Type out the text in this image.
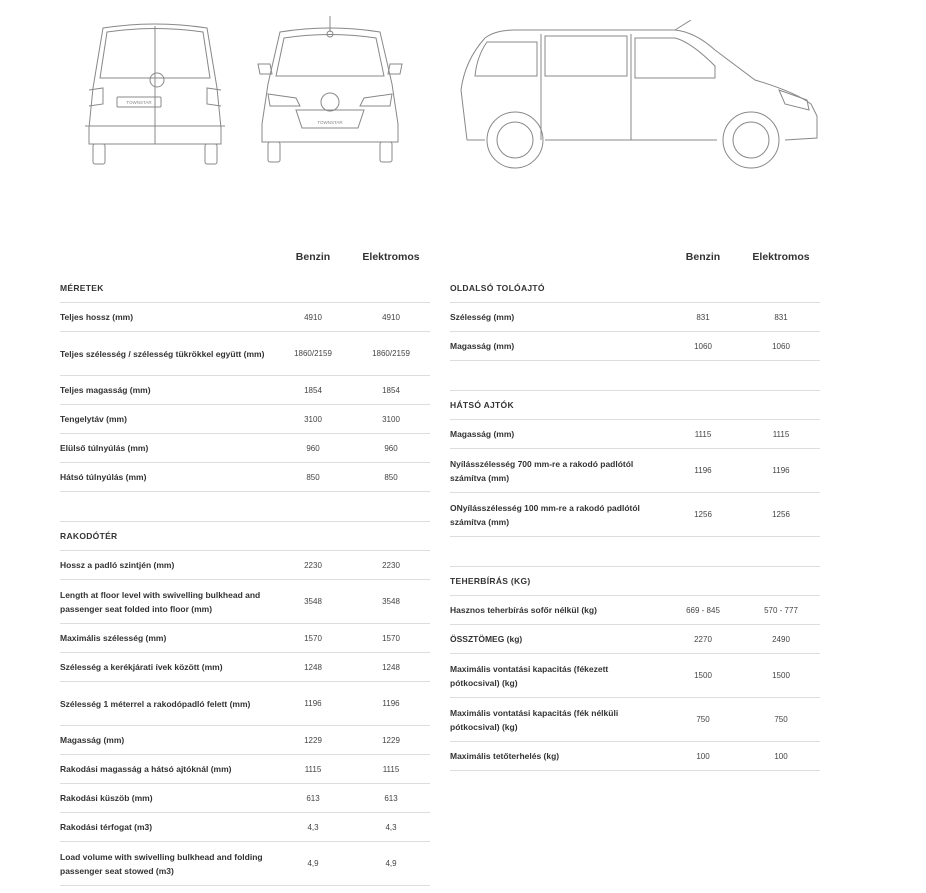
TOWNSTAR
TOWNSTAR
Benzin	Elektromos
MÉRETEK
Teljes hossz (mm)	4910	4910
Teljes szélesség / szélesség tükrökkel együtt (mm)	1860/2159	1860/2159
Teljes magasság (mm)	1854	1854
Tengelytáv (mm)	3100	3100
Elülső túlnyúlás (mm)	960	960
Hátsó túlnyúlás (mm)	850	850
RAKODÓTÉR
Hossz a padló szintjén (mm)	2230	2230
Length at floor level with swivelling bulkhead and passenger seat folded into floor (mm)
3548	3548
Maximális szélesség (mm)	1570	1570
Szélesség a kerékjárati ívek között (mm)	1248	1248
Szélesség 1 méterrel a rakodópadló felett (mm)	1196	1196
Magasság (mm)	1229	1229
Rakodási magasság a hátsó ajtóknál (mm)	1115	1115
Rakodási küszöb (mm)	613	613
Rakodási térfogat (m3)	4,3	4,3
Load volume with swivelling bulkhead and folding passenger seat stowed (m3)
4,9	4,9
Benzin	Elektromos
OLDALSÓ TOLÓAJTÓ
Szélesség (mm)	831	831
Magasság (mm)	1060	1060
HÁTSÓ AJTÓK
Magasság (mm)	1115	1115
Nyílásszélesség 700 mm-re a rakodó padlótól számítva (mm)
1196	1196
ONyílásszélesség 100 mm-re a rakodó padlótól számítva (mm)
1256	1256
TEHERBÍRÁS (KG)
Hasznos teherbírás sofőr nélkül (kg)	669 - 845	570 - 777
ÖSSZTÖMEG (kg)	2270	2490
Maximális vontatási kapacitás (fékezett pótkocsival) (kg)
1500	1500
Maximális vontatási kapacitás (fék nélküli pótkocsival) (kg)
750	750
Maximális tetőterhelés (kg)	100	100
